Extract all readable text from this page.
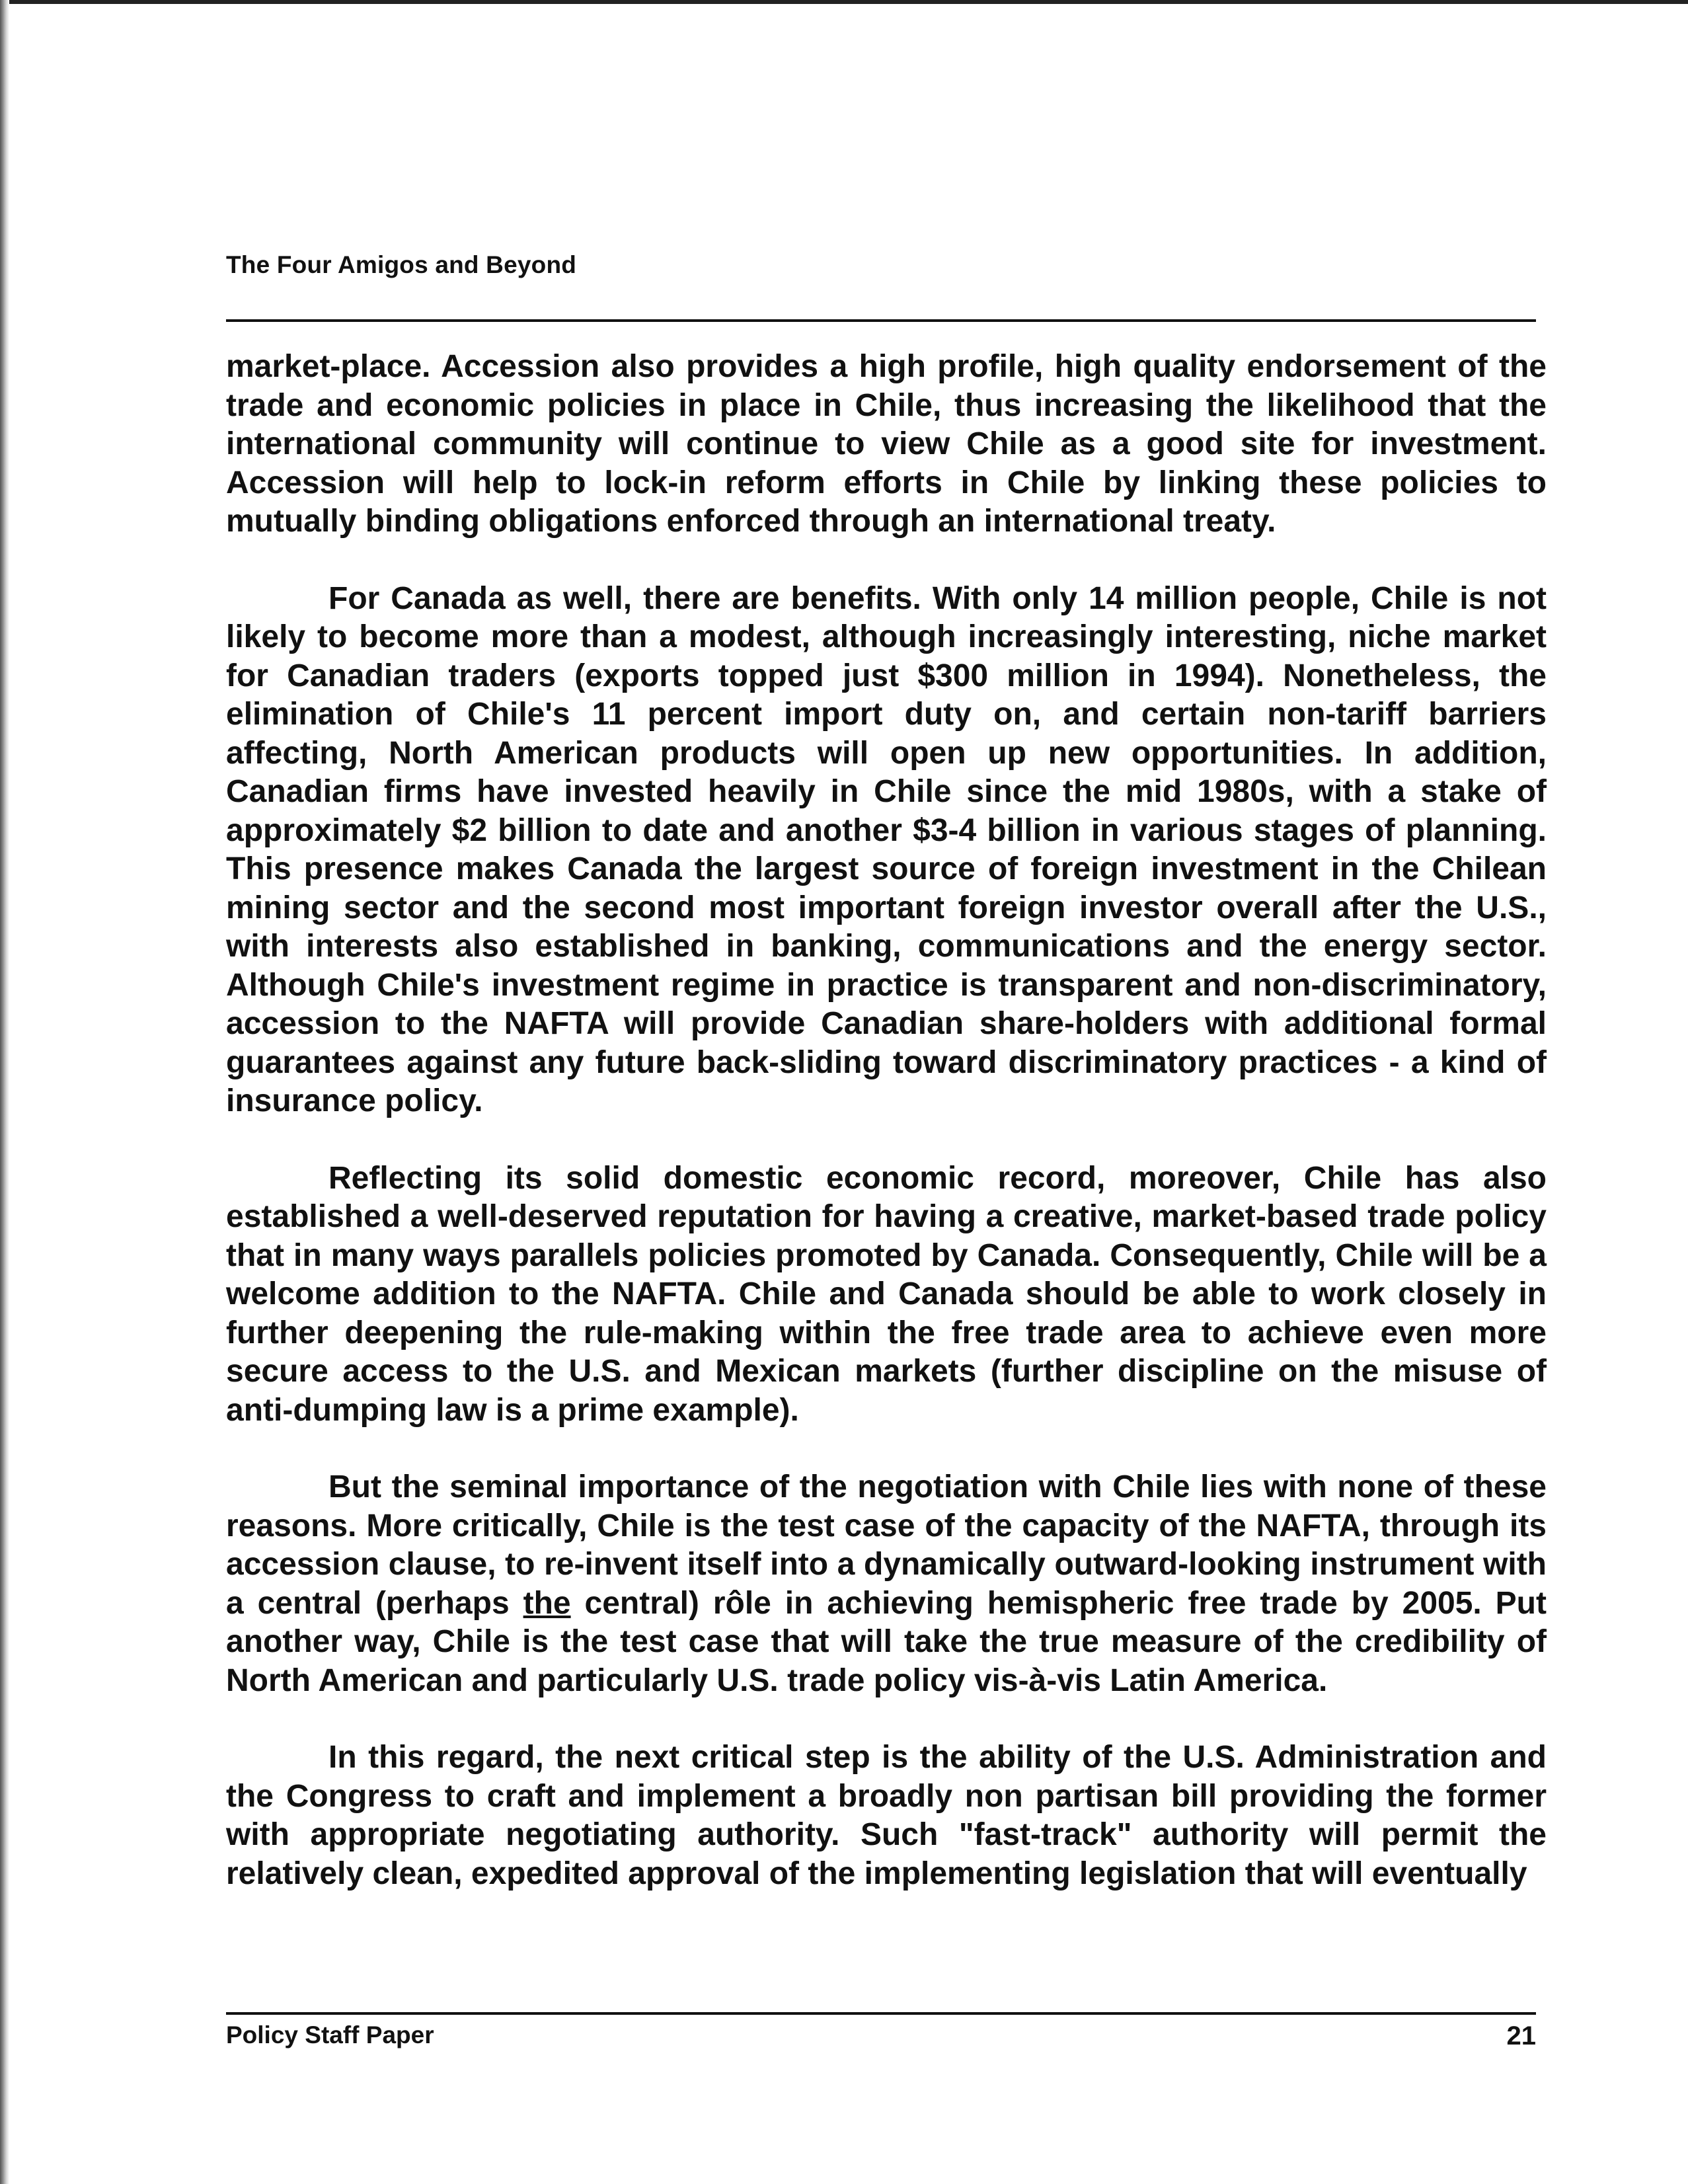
The Four Amigos and Beyond

market-place. Accession also provides a high profile, high quality endorsement of the trade and economic policies in place in Chile, thus increasing the likelihood that the international community will continue to view Chile as a good site for investment. Accession will help to lock-in reform efforts in Chile by linking these policies to mutually binding obligations enforced through an international treaty.

For Canada as well, there are benefits. With only 14 million people, Chile is not likely to become more than a modest, although increasingly interesting, niche market for Canadian traders (exports topped just $300 million in 1994). Nonetheless, the elimination of Chile's 11 percent import duty on, and certain non-tariff barriers affecting, North American products will open up new opportunities. In addition, Canadian firms have invested heavily in Chile since the mid 1980s, with a stake of approximately $2 billion to date and another $3-4 billion in various stages of planning. This presence makes Canada the largest source of foreign investment in the Chilean mining sector and the second most important foreign investor overall after the U.S., with interests also established in banking, communications and the energy sector. Although Chile's investment regime in practice is transparent and non-discriminatory, accession to the NAFTA will provide Canadian share-holders with additional formal guarantees against any future back-sliding toward discriminatory practices - a kind of insurance policy.

Reflecting its solid domestic economic record, moreover, Chile has also established a well-deserved reputation for having a creative, market-based trade policy that in many ways parallels policies promoted by Canada. Consequently, Chile will be a welcome addition to the NAFTA. Chile and Canada should be able to work closely in further deepening the rule-making within the free trade area to achieve even more secure access to the U.S. and Mexican markets (further discipline on the misuse of anti-dumping law is a prime example).

But the seminal importance of the negotiation with Chile lies with none of these reasons. More critically, Chile is the test case of the capacity of the NAFTA, through its accession clause, to re-invent itself into a dynamically outward-looking instrument with a central (perhaps the central) rôle in achieving hemispheric free trade by 2005. Put another way, Chile is the test case that will take the true measure of the credibility of North American and particularly U.S. trade policy vis-à-vis Latin America.

In this regard, the next critical step is the ability of the U.S. Administration and the Congress to craft and implement a broadly non partisan bill providing the former with appropriate negotiating authority. Such "fast-track" authority will permit the relatively clean, expedited approval of the implementing legislation that will eventually

Policy Staff Paper	21
